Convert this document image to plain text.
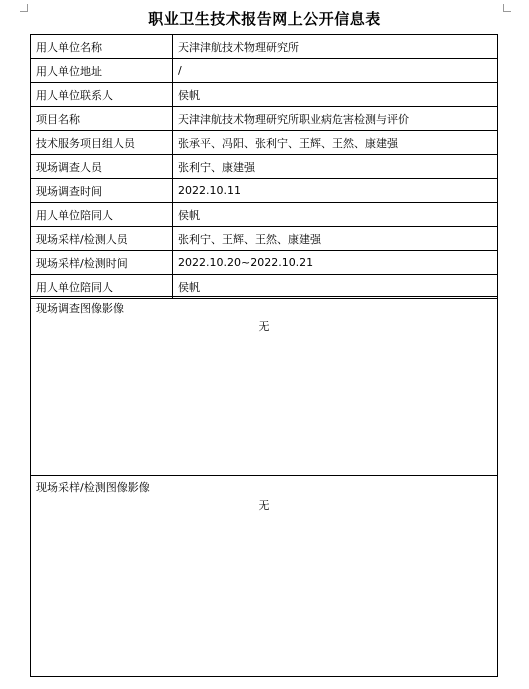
职业卫生技术报告网上公开信息表
用人单位名称	天津津航技术物理研究所
用人单位地址	/
用人单位联系人	侯帆
项目名称	天津津航技术物理研究所职业病危害检测与评价
技术服务项目组人员	张承平、冯阳、张利宁、王辉、王然、康建强
现场调查人员	张利宁、康建强
现场调查时间	2022.10.11
用人单位陪同人	侯帆
现场采样/检测人员	张利宁、王辉、王然、康建强
现场采样/检测时间	2022.10.20~2022.10.21
用人单位陪同人	侯帆
现场调查图像影像
无
现场采样/检测图像影像
无
